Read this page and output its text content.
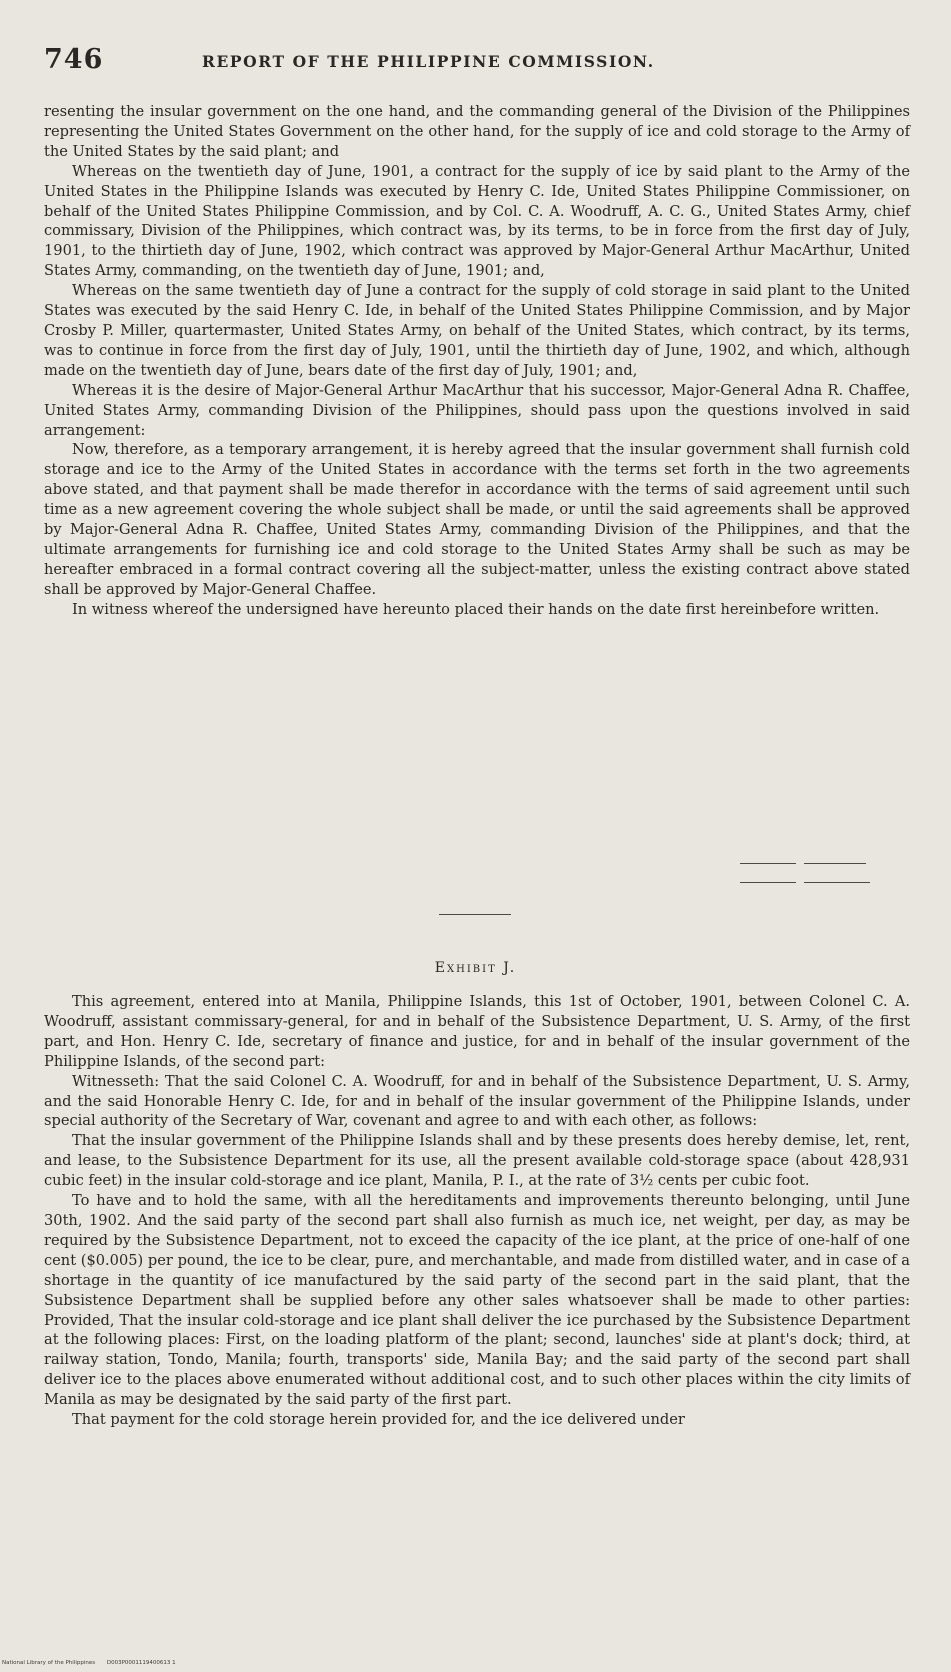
746	REPORT OF THE PHILIPPINE COMMISSION.

resenting the insular government on the one hand, and the commanding general of the Division of the Philippines representing the United States Government on the other hand, for the supply of ice and cold storage to the Army of the United States by the said plant; and

Whereas on the twentieth day of June, 1901, a contract for the supply of ice by said plant to the Army of the United States in the Philippine Islands was executed by Henry C. Ide, United States Philippine Commissioner, on behalf of the United States Philippine Commission, and by Col. C. A. Woodruff, A. C. G., United States Army, chief commissary, Division of the Philippines, which contract was, by its terms, to be in force from the first day of July, 1901, to the thirtieth day of June, 1902, which contract was approved by Major-General Arthur MacArthur, United States Army, commanding, on the twentieth day of June, 1901; and,

Whereas on the same twentieth day of June a contract for the supply of cold storage in said plant to the United States was executed by the said Henry C. Ide, in behalf of the United States Philippine Commission, and by Major Crosby P. Miller, quartermaster, United States Army, on behalf of the United States, which contract, by its terms, was to continue in force from the first day of July, 1901, until the thirtieth day of June, 1902, and which, although made on the twentieth day of June, bears date of the first day of July, 1901; and,

Whereas it is the desire of Major-General Arthur MacArthur that his successor, Major-General Adna R. Chaffee, United States Army, commanding Division of the Philippines, should pass upon the questions involved in said arrangement:

Now, therefore, as a temporary arrangement, it is hereby agreed that the insular government shall furnish cold storage and ice to the Army of the United States in accordance with the terms set forth in the two agreements above stated, and that payment shall be made therefor in accordance with the terms of said agreement until such time as a new agreement covering the whole subject shall be made, or until the said agreements shall be approved by Major-General Adna R. Chaffee, United States Army, commanding Division of the Philippines, and that the ultimate arrangements for furnishing ice and cold storage to the United States Army shall be such as may be hereafter embraced in a formal contract covering all the subject-matter, unless the existing contract above stated shall be approved by Major-General Chaffee.

In witness whereof the undersigned have hereunto placed their hands on the date first hereinbefore written.

Exhibit J.

This agreement, entered into at Manila, Philippine Islands, this 1st of October, 1901, between Colonel C. A. Woodruff, assistant commissary-general, for and in behalf of the Subsistence Department, U. S. Army, of the first part, and Hon. Henry C. Ide, secretary of finance and justice, for and in behalf of the insular government of the Philippine Islands, of the second part:

Witnesseth: That the said Colonel C. A. Woodruff, for and in behalf of the Subsistence Department, U. S. Army, and the said Honorable Henry C. Ide, for and in behalf of the insular government of the Philippine Islands, under special authority of the Secretary of War, covenant and agree to and with each other, as follows:

That the insular government of the Philippine Islands shall and by these presents does hereby demise, let, rent, and lease, to the Subsistence Department for its use, all the present available cold-storage space (about 428,931 cubic feet) in the insular cold-storage and ice plant, Manila, P. I., at the rate of 3½ cents per cubic foot.

To have and to hold the same, with all the hereditaments and improvements thereunto belonging, until June 30th, 1902. And the said party of the second part shall also furnish as much ice, net weight, per day, as may be required by the Subsistence Department, not to exceed the capacity of the ice plant, at the price of one-half of one cent ($0.005) per pound, the ice to be clear, pure, and merchantable, and made from distilled water, and in case of a shortage in the quantity of ice manufactured by the said party of the second part in the said plant, that the Subsistence Department shall be supplied before any other sales whatsoever shall be made to other parties: Provided, That the insular cold-storage and ice plant shall deliver the ice purchased by the Subsistence Department at the following places: First, on the loading platform of the plant; second, launches' side at plant's dock; third, at railway station, Tondo, Manila; fourth, transports' side, Manila Bay; and the said party of the second part shall deliver ice to the places above enumerated without additional cost, and to such other places within the city limits of Manila as may be designated by the said party of the first part.

That payment for the cold storage herein provided for, and the ice delivered under

National Library of the Philippines D003P0001119400613 1
